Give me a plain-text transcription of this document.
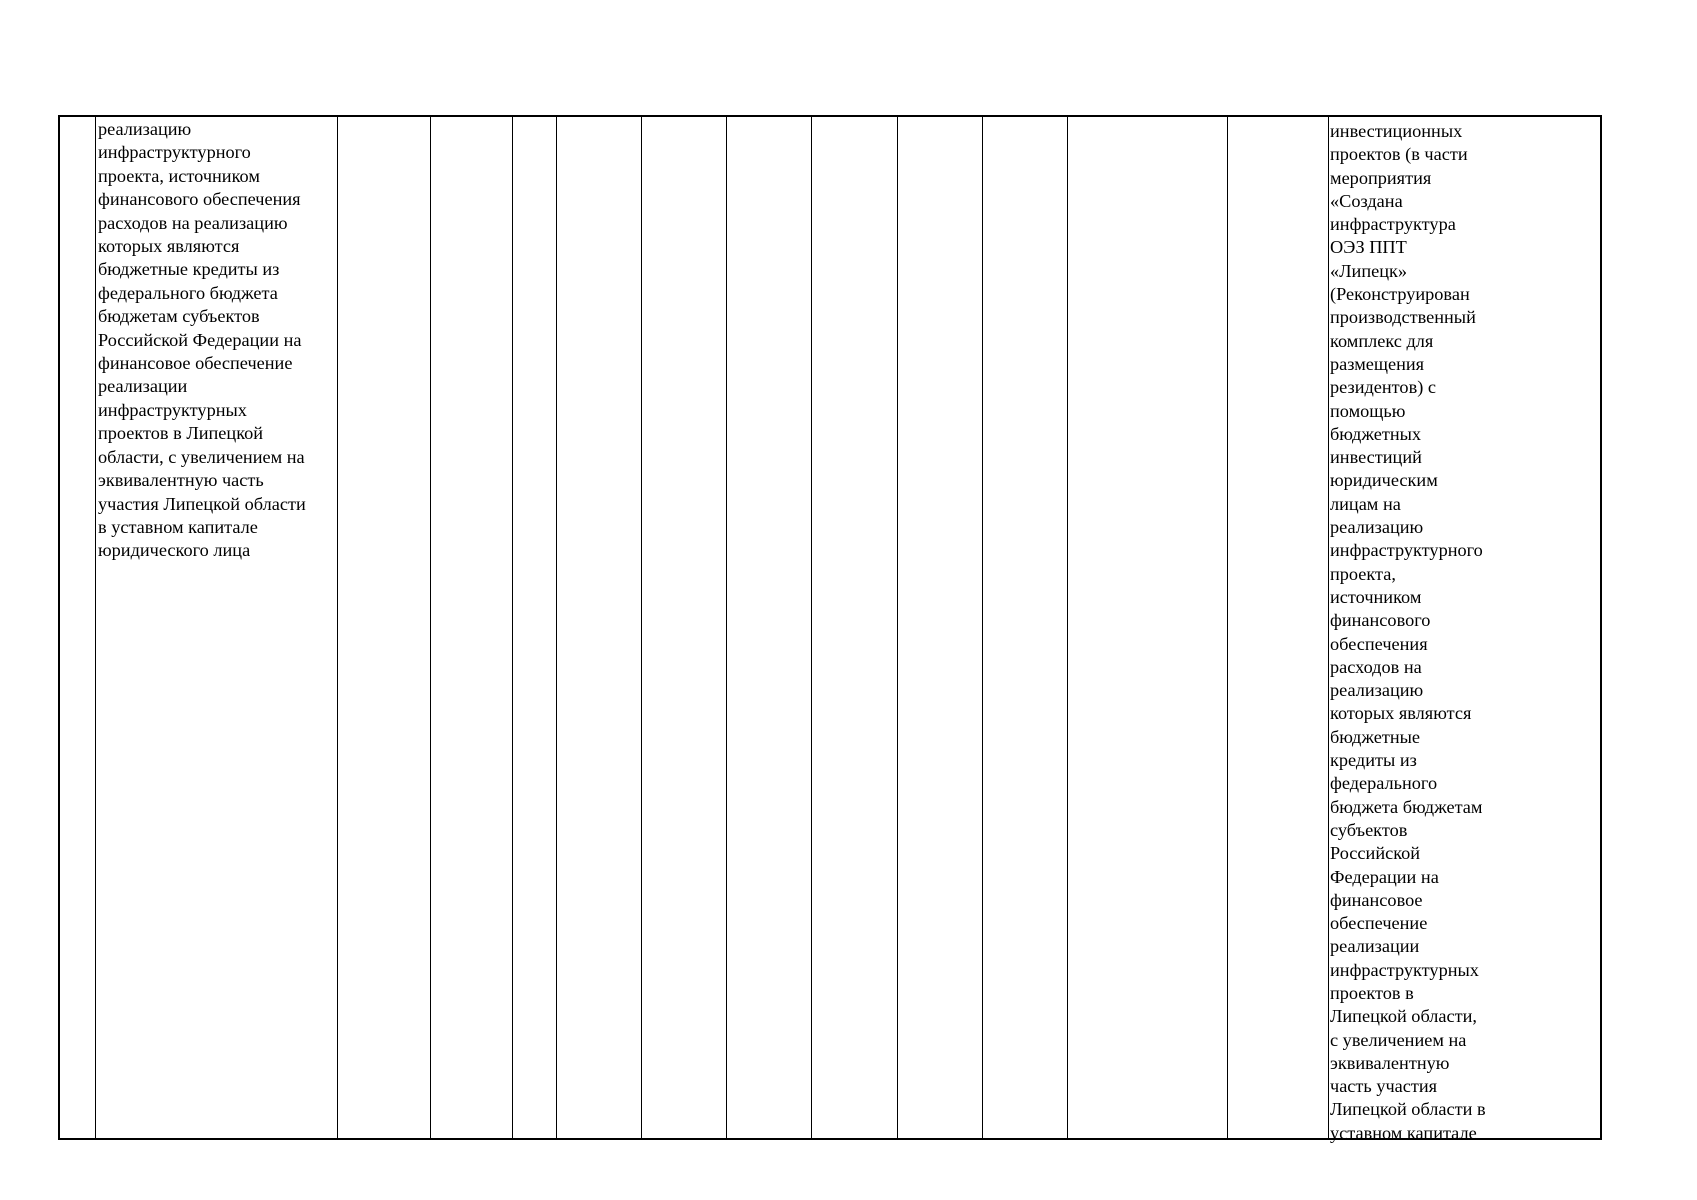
реализацию
инфраструктурного
проекта, источником
финансового обеспечения
расходов на реализацию
которых являются
бюджетные кредиты из
федерального бюджета
бюджетам субъектов
Российской Федерации на
финансовое обеспечение
реализации
инфраструктурных
проектов в Липецкой
области, с увеличением на
эквивалентную часть
участия Липецкой области
в уставном капитале
юридического лица

инвестиционных
проектов (в части
мероприятия
«Создана
инфраструктура
ОЭЗ ППТ
«Липецк»
(Реконструирован
производственный
комплекс для
размещения
резидентов) с
помощью
бюджетных
инвестиций
юридическим
лицам на
реализацию
инфраструктурного
проекта,
источником
финансового
обеспечения
расходов на
реализацию
которых являются
бюджетные
кредиты из
федерального
бюджета бюджетам
субъектов
Российской
Федерации на
финансовое
обеспечение
реализации
инфраструктурных
проектов в
Липецкой области,
с увеличением на
эквивалентную
часть участия
Липецкой области в
уставном капитале
